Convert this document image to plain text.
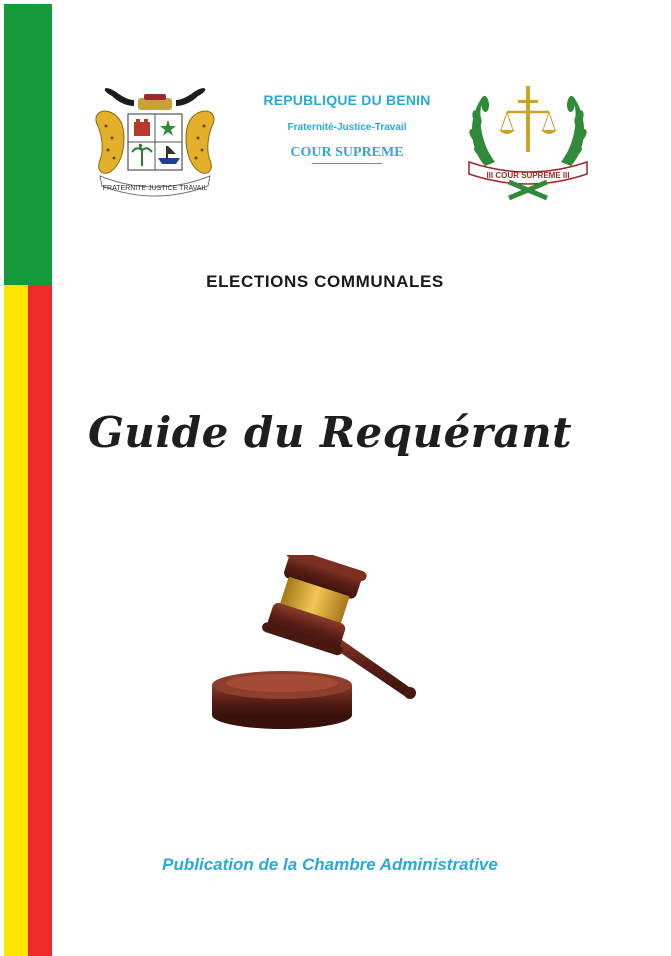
FRATERNITE JUSTICE TRAVAIL
REPUBLIQUE DU BENIN
Fraternité-Justice-Travail
COUR SUPREME
III COUR SUPREME III
ELECTIONS COMMUNALES
Guide du Requérant
Publication de la Chambre Administrative
